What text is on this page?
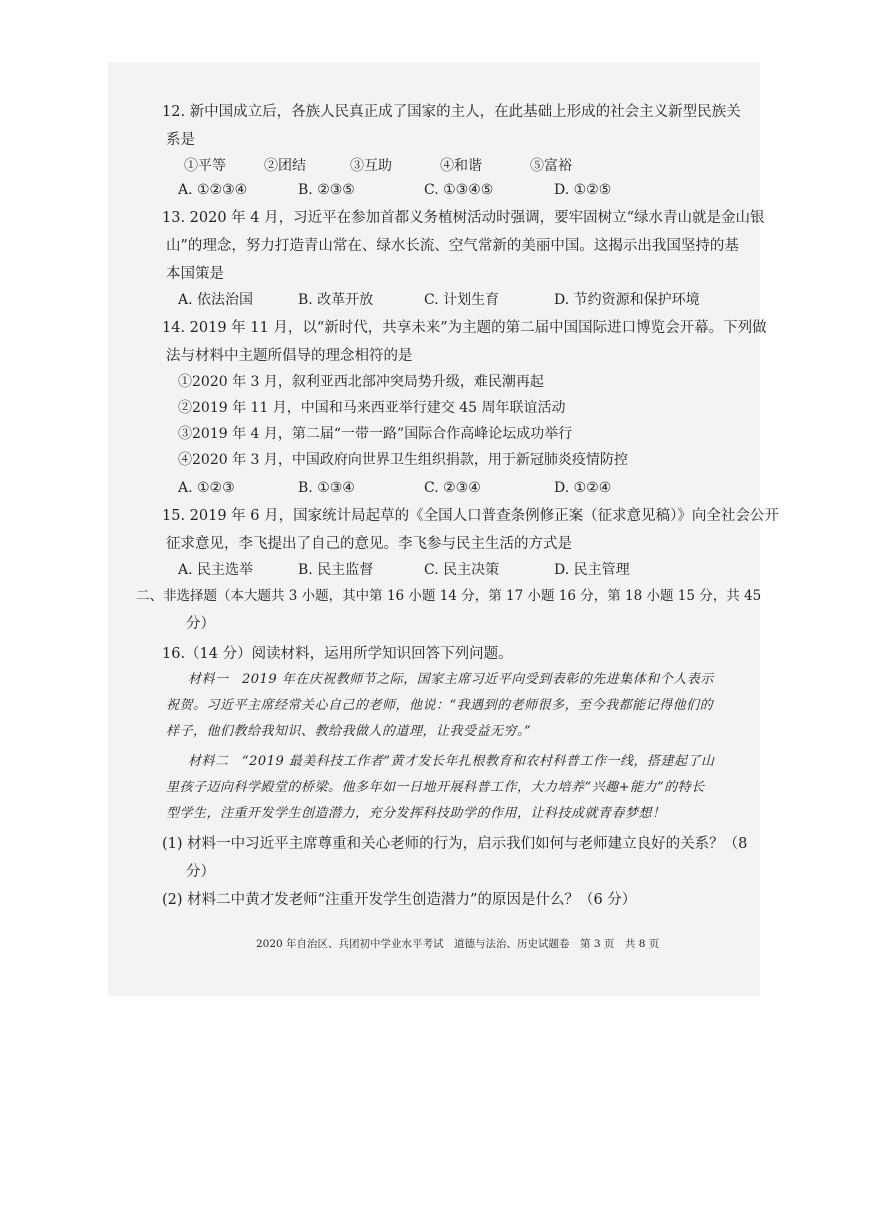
12. 新中国成立后，各族人民真正成了国家的主人，在此基础上形成的社会主义新型民族关
系是
①平等	②团结	③互助	④和谐	⑤富裕
A. ①②③④	B. ②③⑤	C. ①③④⑤	D. ①②⑤
13. 2020 年 4 月，习近平在参加首都义务植树活动时强调，要牢固树立“绿水青山就是金山银
山”的理念，努力打造青山常在、绿水长流、空气常新的美丽中国。这揭示出我国坚持的基
本国策是
A. 依法治国	B. 改革开放	C. 计划生育	D. 节约资源和保护环境
14. 2019 年 11 月，以“新时代，共享未来”为主题的第二届中国国际进口博览会开幕。下列做
法与材料中主题所倡导的理念相符的是
①2020 年 3 月，叙利亚西北部冲突局势升级，难民潮再起
②2019 年 11 月，中国和马来西亚举行建交 45 周年联谊活动
③2019 年 4 月，第二届“一带一路”国际合作高峰论坛成功举行
④2020 年 3 月，中国政府向世界卫生组织捐款，用于新冠肺炎疫情防控
A. ①②③	B. ①③④	C. ②③④	D. ①②④
15. 2019 年 6 月，国家统计局起草的《全国人口普查条例修正案（征求意见稿）》向全社会公开
征求意见，李飞提出了自己的意见。李飞参与民主生活的方式是
A. 民主选举	B. 民主监督	C. 民主决策	D. 民主管理
二、非选择题（本大题共 3 小题，其中第 16 小题 14 分，第 17 小题 16 分，第 18 小题 15 分，共 45
分）
16.（14 分）阅读材料，运用所学知识回答下列问题。
材料一　2019 年在庆祝教师节之际，国家主席习近平向受到表彰的先进集体和个人表示
祝贺。习近平主席经常关心自己的老师，他说：“我遇到的老师很多，至今我都能记得他们的
样子，他们教给我知识、教给我做人的道理，让我受益无穷。”
材料二　“2019 最美科技工作者”黄才发长年扎根教育和农村科普工作一线，搭建起了山
里孩子迈向科学殿堂的桥梁。他多年如一日地开展科普工作，大力培养“兴趣+能力”的特长
型学生，注重开发学生创造潜力，充分发挥科技助学的作用，让科技成就青春梦想！
(1) 材料一中习近平主席尊重和关心老师的行为，启示我们如何与老师建立良好的关系？（8
分）
(2) 材料二中黄才发老师“注重开发学生创造潜力”的原因是什么？（6 分）
2020 年自治区、兵团初中学业水平考试　道德与法治、历史试题卷　第 3 页　共 8 页
